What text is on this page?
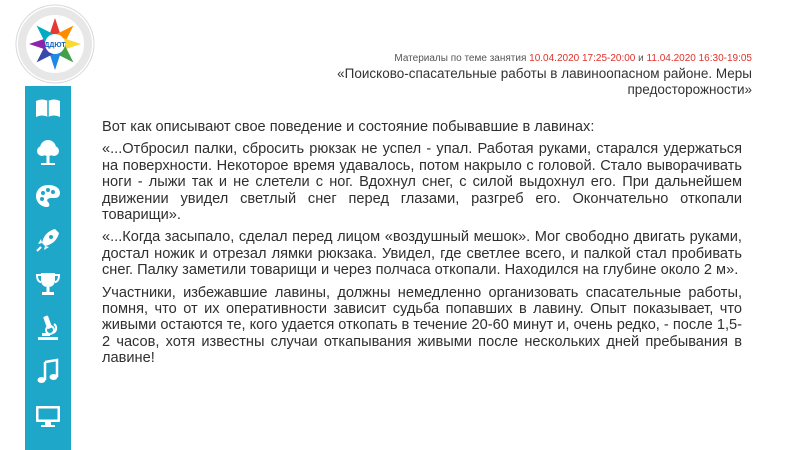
ДДЮТ
Материалы по теме занятия 10.04.2020 17:25-20:00 и 11.04.2020 16:30-19:05
«Поисково-спасательные работы в лавиноопасном районе. Меры
предосторожности»

Вот как описывают свое поведение и состояние побывавшие в лавинах:

«...Отбросил палки, сбросить рюкзак не успел - упал. Работая руками, старался удержаться на поверхности. Некоторое время удавалось, потом накрыло с головой. Стало выворачивать ноги - лыжи так и не слетели с ног. Вдохнул снег, с силой выдохнул его. При дальнейшем движении увидел светлый снег перед глазами, разгреб его. Окончательно откопали товарищи».

«...Когда засыпало, сделал перед лицом «воздушный мешок». Мог свободно двигать руками, достал ножик и отрезал лямки рюкзака. Увидел, где светлее всего, и палкой стал пробивать снег. Палку заметили товарищи и через полчаса откопали. Находился на глубине около 2 м».

Участники, избежавшие лавины, должны немедленно организовать спасательные работы, помня, что от их оперативности зависит судьба попавших в лавину. Опыт показывает, что живыми остаются те, кого удается откопать в течение 20-60 минут и, очень редко, - после 1,5- 2 часов, хотя известны случаи откапывания живыми после нескольких дней пребывания в лавине!
